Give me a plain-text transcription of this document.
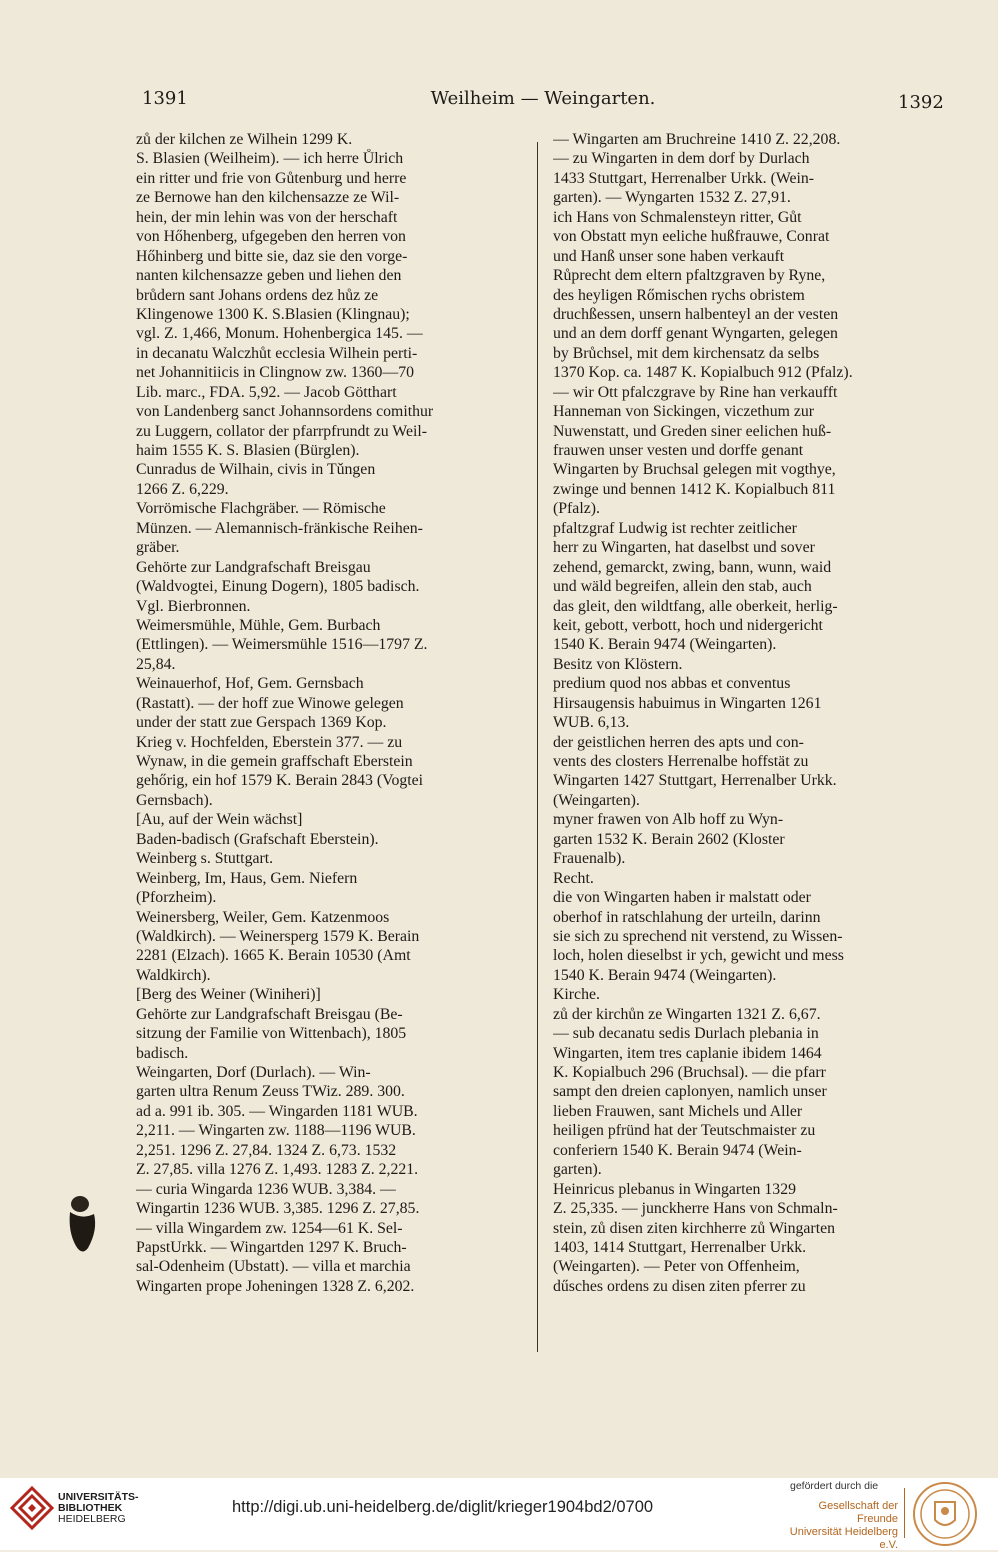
1391	Weilheim — Weingarten.	1392
zů der kilchen ze Wilhein 1299 K.
S. Blasien (Weilheim). — ich herre Ůlrich
ein ritter und frie von Gůtenburg und herre
ze Bernowe han den kilchensazze ze Wil-
hein, der min lehin was von der herschaft
von Hőhenberg, ufgegeben den herren von
Hőhinberg und bitte sie, daz sie den vorge-
nanten kilchensazze geben und liehen den
brůdern sant Johans ordens dez hůz ze
Klingenowe 1300 K. S.Blasien (Klingnau);
vgl. Z. 1,466, Monum. Hohenbergica 145. —
in decanatu Walczhůt ecclesia Wilhein perti-
net Johannitiicis in Clingnow zw. 1360—70
Lib. marc., FDA. 5,92. — Jacob Götthart
von Landenberg sanct Johannsordens comithur
zu Luggern, collator der pfarrpfrundt zu Weil-
haim 1555 K. S. Blasien (Bürglen).
Cunradus de Wilhain, civis in Tǔngen
1266 Z. 6,229.
Vorrömische Flachgräber. — Römische
Münzen. — Alemannisch-fränkische Reihen-
gräber.
Gehörte zur Landgrafschaft Breisgau
(Waldvogtei, Einung Dogern), 1805 badisch.
Vgl. Bierbronnen.
Weimersmühle, Mühle, Gem. Burbach
(Ettlingen). — Weimersmühle 1516—1797 Z.
25,84.
Weinauerhof, Hof, Gem. Gernsbach
(Rastatt). — der hoff zue Winowe gelegen
under der statt zue Gerspach 1369 Kop.
Krieg v. Hochfelden, Eberstein 377. — zu
Wynaw, in die gemein graffschaft Eberstein
gehőrig, ein hof 1579 K. Berain 2843 (Vogtei
Gernsbach).
[Au, auf der Wein wächst]
Baden-badisch (Grafschaft Eberstein).
Weinberg s. Stuttgart.
Weinberg, Im, Haus, Gem. Niefern
(Pforzheim).
Weinersberg, Weiler, Gem. Katzenmoos
(Waldkirch). — Weinersperg 1579 K. Berain
2281 (Elzach). 1665 K. Berain 10530 (Amt
Waldkirch).
[Berg des Weiner (Winiheri)]
Gehörte zur Landgrafschaft Breisgau (Be-
sitzung der Familie von Wittenbach), 1805
badisch.
Weingarten, Dorf (Durlach). — Win-
garten ultra Renum Zeuss TWiz. 289. 300.
ad a. 991 ib. 305. — Wingarden 1181 WUB.
2,211. — Wingarten zw. 1188—1196 WUB.
2,251. 1296 Z. 27,84. 1324 Z. 6,73. 1532
Z. 27,85. villa 1276 Z. 1,493. 1283 Z. 2,221.
— curia Wingarda 1236 WUB. 3,384. —
Wingartin 1236 WUB. 3,385. 1296 Z. 27,85.
— villa Wingardem zw. 1254—61 K. Sel-
PapstUrkk. — Wingartden 1297 K. Bruch-
sal-Odenheim (Ubstatt). — villa et marchia
Wingarten prope Joheningen 1328 Z. 6,202.
— Wingarten am Bruchreine 1410 Z. 22,208.
— zu Wingarten in dem dorf by Durlach
1433 Stuttgart, Herrenalber Urkk. (Wein-
garten). — Wyngarten 1532 Z. 27,91.
ich Hans von Schmalensteyn ritter, Gůt
von Obstatt myn eeliche hußfrauwe, Conrat
und Hanß unser sone haben verkauft
Růprecht dem eltern pfaltzgraven by Ryne,
des heyligen Rőmischen rychs obristem
druchßessen, unsern halbenteyl an der vesten
und an dem dorff genant Wyngarten, gelegen
by Brůchsel, mit dem kirchensatz da selbs
1370 Kop. ca. 1487 K. Kopialbuch 912 (Pfalz).
— wir Ott pfalczgrave by Rine han verkaufft
Hanneman von Sickingen, viczethum zur
Nuwenstatt, und Greden siner eelichen huß-
frauwen unser vesten und dorffe genant
Wingarten by Bruchsal gelegen mit vogthye,
zwinge und bennen 1412 K. Kopialbuch 811
(Pfalz).
pfaltzgraf Ludwig ist rechter zeitlicher
herr zu Wingarten, hat daselbst und sover
zehend, gemarckt, zwing, bann, wunn, waid
und wäld begreifen, allein den stab, auch
das gleit, den wildtfang, alle oberkeit, herlig-
keit, gebott, verbott, hoch und nidergericht
1540 K. Berain 9474 (Weingarten).
Besitz von Klöstern.
predium quod nos abbas et conventus
Hirsaugensis habuimus in Wingarten 1261
WUB. 6,13.
der geistlichen herren des apts und con-
vents des closters Herrenalbe hoffstät zu
Wingarten 1427 Stuttgart, Herrenalber Urkk.
(Weingarten).
myner frawen von Alb hoff zu Wyn-
garten 1532 K. Berain 2602 (Kloster
Frauenalb).
Recht.
die von Wingarten haben ir malstatt oder
oberhof in ratschlahung der urteiln, darinn
sie sich zu sprechend nit verstend, zu Wissen-
loch, holen dieselbst ir ych, gewicht und mess
1540 K. Berain 9474 (Weingarten).
Kirche.
zů der kirchůn ze Wingarten 1321 Z. 6,67.
— sub decanatu sedis Durlach plebania in
Wingarten, item tres caplanie ibidem 1464
K. Kopialbuch 296 (Bruchsal). — die pfarr
sampt den dreien caplonyen, namlich unser
lieben Frauwen, sant Michels und Aller
heiligen pfründ hat der Teutschmaister zu
conferiern 1540 K. Berain 9474 (Wein-
garten).
Heinricus plebanus in Wingarten 1329
Z. 25,335. — junckherre Hans von Schmaln-
stein, zů disen ziten kirchherre zů Wingarten
1403, 1414 Stuttgart, Herrenalber Urkk.
(Weingarten). — Peter von Offenheim,
dűsches ordens zu disen ziten pferrer zu
UNIVERSITÄTS-
BIBLIOTHEK
HEIDELBERG
http://digi.ub.uni-heidelberg.de/diglit/krieger1904bd2/0700
gefördert durch die
Gesellschaft der Freunde
Universität Heidelberg e.V.
